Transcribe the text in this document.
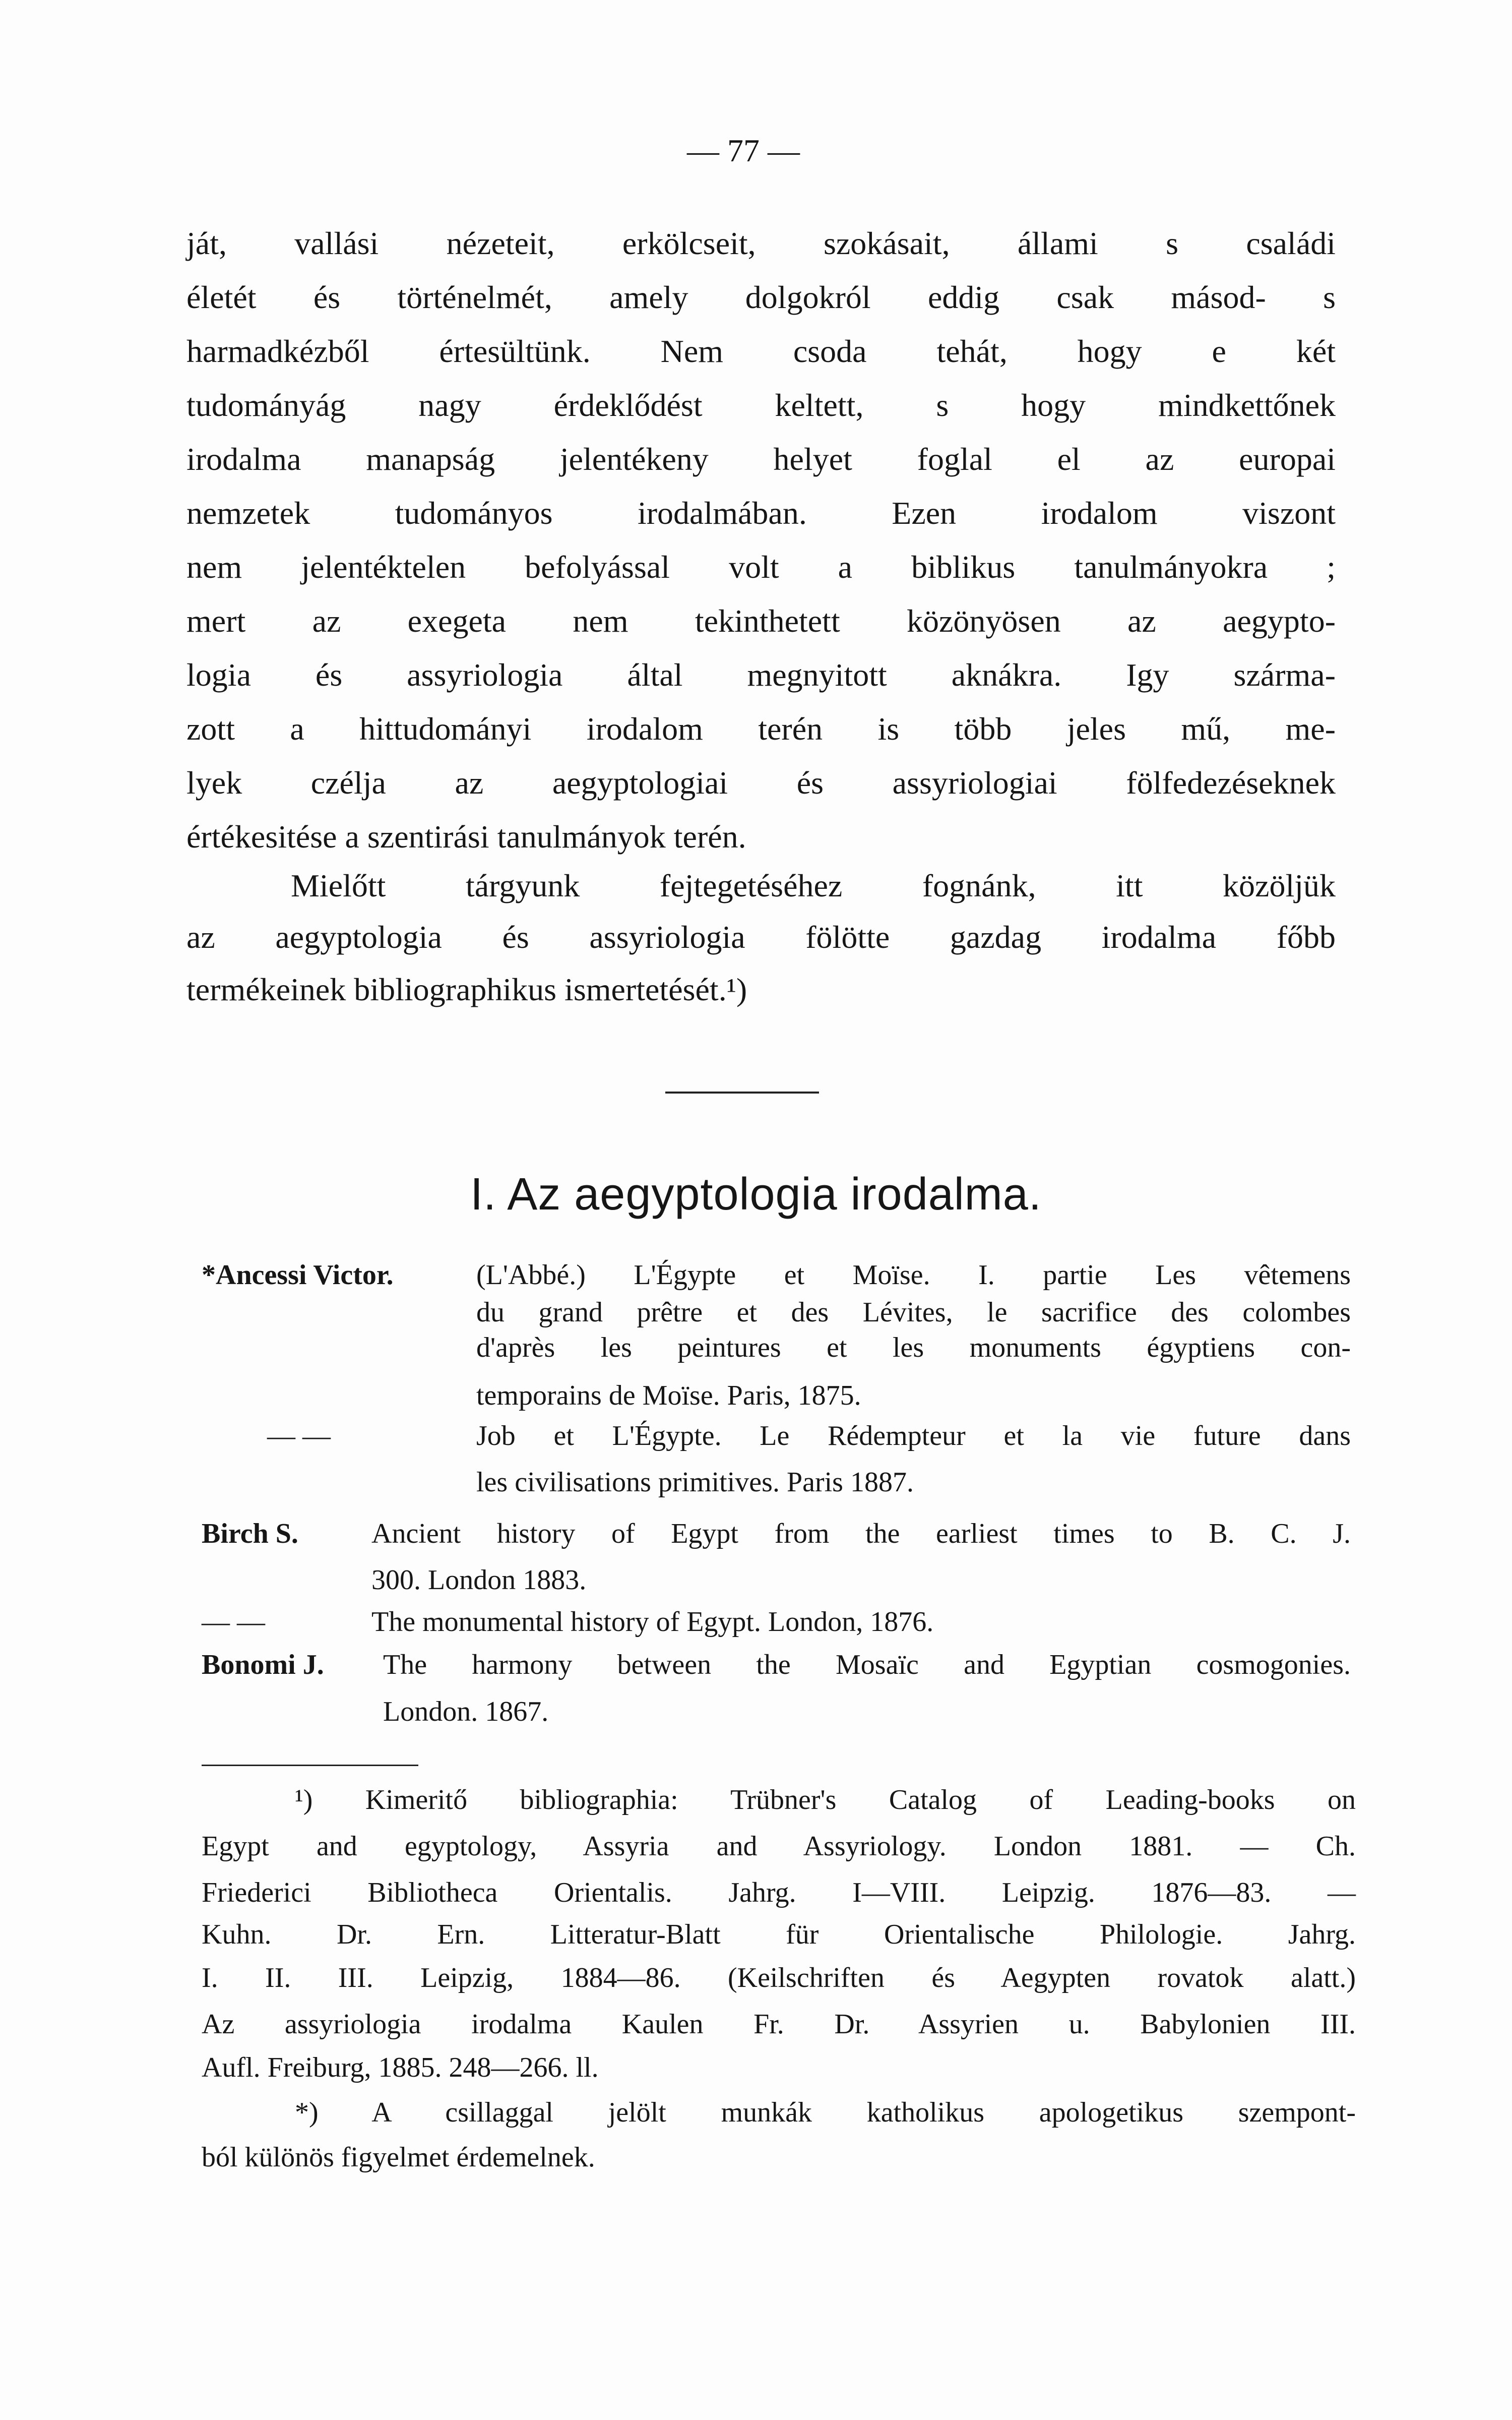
— 77 —
I. Az aegyptologia irodalma.
ját, vallási nézeteit, erkölcseit, szokásait, állami s családi
életét és történelmét, amely dolgokról eddig csak másod- s
harmadkézből értesültünk. Nem csoda tehát, hogy e két
tudományág nagy érdeklődést keltett, s hogy mindkettőnek
irodalma manapság jelentékeny helyet foglal el az europai
nemzetek tudományos irodalmában. Ezen irodalom viszont
nem jelentéktelen befolyással volt a biblikus tanulmányokra ;
mert az exegeta nem tekinthetett közönyösen az aegypto-
logia és assyriologia által megnyitott aknákra. Igy szárma-
zott a hittudományi irodalom terén is több jeles mű, me-
lyek czélja az aegyptologiai és assyriologiai fölfedezéseknek
értékesitése a szentirási tanulmányok terén.
Mielőtt tárgyunk fejtegetéséhez fognánk, itt közöljük
az aegyptologia és assyriologia fölötte gazdag irodalma főbb
termékeinek bibliographikus ismertetését.¹)
*Ancessi Victor.	(L'Abbé.) L'Égypte et Moïse. I. partie Les vêtemens
du grand prêtre et des Lévites, le sacrifice des colombes
d'après les peintures et les monuments égyptiens con-
temporains de Moïse. Paris, 1875.
— —	Job et L'Égypte. Le Rédempteur et la vie future dans
les civilisations primitives. Paris 1887.
Birch S.	Ancient history of Egypt from the earliest times to B. C. J.
300. London 1883.
— —	The monumental history of Egypt. London, 1876.
Bonomi J. The harmony between the Mosaïc and Egyptian cosmogonies.
London. 1867.
¹) Kimeritő bibliographia: Trübner's Catalog of Leading-books on
Egypt and egyptology, Assyria and Assyriology. London 1881. — Ch.
Friederici Bibliotheca Orientalis. Jahrg. I—VIII. Leipzig. 1876—83. —
Kuhn. Dr. Ern. Litteratur-Blatt für Orientalische Philologie. Jahrg.
I. II. III. Leipzig, 1884—86. (Keilschriften és Aegypten rovatok alatt.)
Az assyriologia irodalma Kaulen Fr. Dr. Assyrien u. Babylonien III.
Aufl. Freiburg, 1885. 248—266. ll.
*) A csillaggal jelölt munkák katholikus apologetikus szempont-
ból különös figyelmet érdemelnek.
